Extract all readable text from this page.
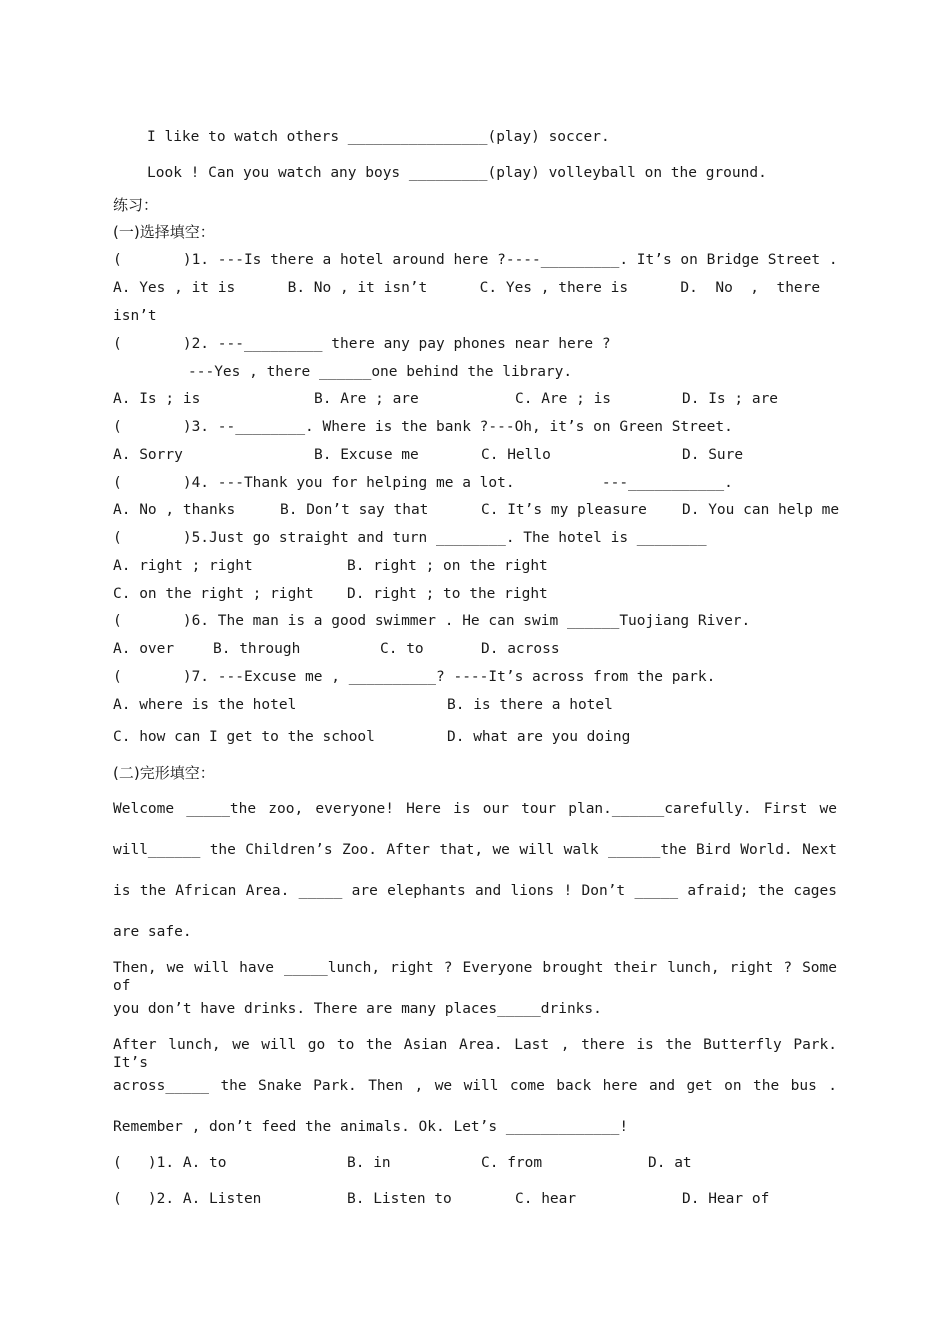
I like to watch others ________________(play) soccer.
Look ! Can you watch any boys _________(play) volleyball on the ground.
练习：
(一)选择填空：
(       )1. ---Is there a hotel around here ?----_________. It’s on Bridge Street .
A. Yes , it is      B. No , it isn’t      C. Yes , there is      D.  No  ,  there
isn’t
(       )2. ---_________ there any pay phones near here ?
---Yes , there ______one behind the library.
A. Is ; is	B. Are ; are	C. Are ; is	D. Is ; are
(       )3. --________. Where is the bank ?---Oh, it’s on Green Street.
A. Sorry	B. Excuse me	C. Hello	D. Sure
(       )4. ---Thank you for helping me a lot.          ---___________.
A. No , thanks	B. Don’t say that	C. It’s my pleasure D. You can help me
(       )5.Just go straight and turn ________. The hotel is ________
A. right ; right	B. right ; on the right
C. on the right ; right D. right ; to the right
(       )6. The man is a good swimmer . He can swim ______Tuojiang River.
A. over	B. through	C. to	D. across
(       )7. ---Excuse me , __________? ----It’s across from the park.
A. where is the hotel	B. is there a hotel
C. how can I get to the school	D. what are you doing
(二)完形填空：
Welcome _____the zoo, everyone! Here is our tour plan.______carefully. First we
will______ the Children’s Zoo. After that, we will walk ______the Bird World. Next
is the African Area. _____ are elephants and lions ! Don’t _____ afraid; the cages
are safe.
Then, we will have _____lunch, right ? Everyone brought their lunch, right ? Some of
you don’t have drinks. There are many places_____drinks.
After lunch, we will go to the Asian Area. Last , there is the Butterfly Park. It’s
across_____ the Snake Park. Then , we will come back here and get on the bus .
Remember , don’t feed the animals. Ok. Let’s _____________!
(   )1. A. to	B. in	C. from	D. at
(   )2. A. Listen	B. Listen to	C. hear	D. Hear of
